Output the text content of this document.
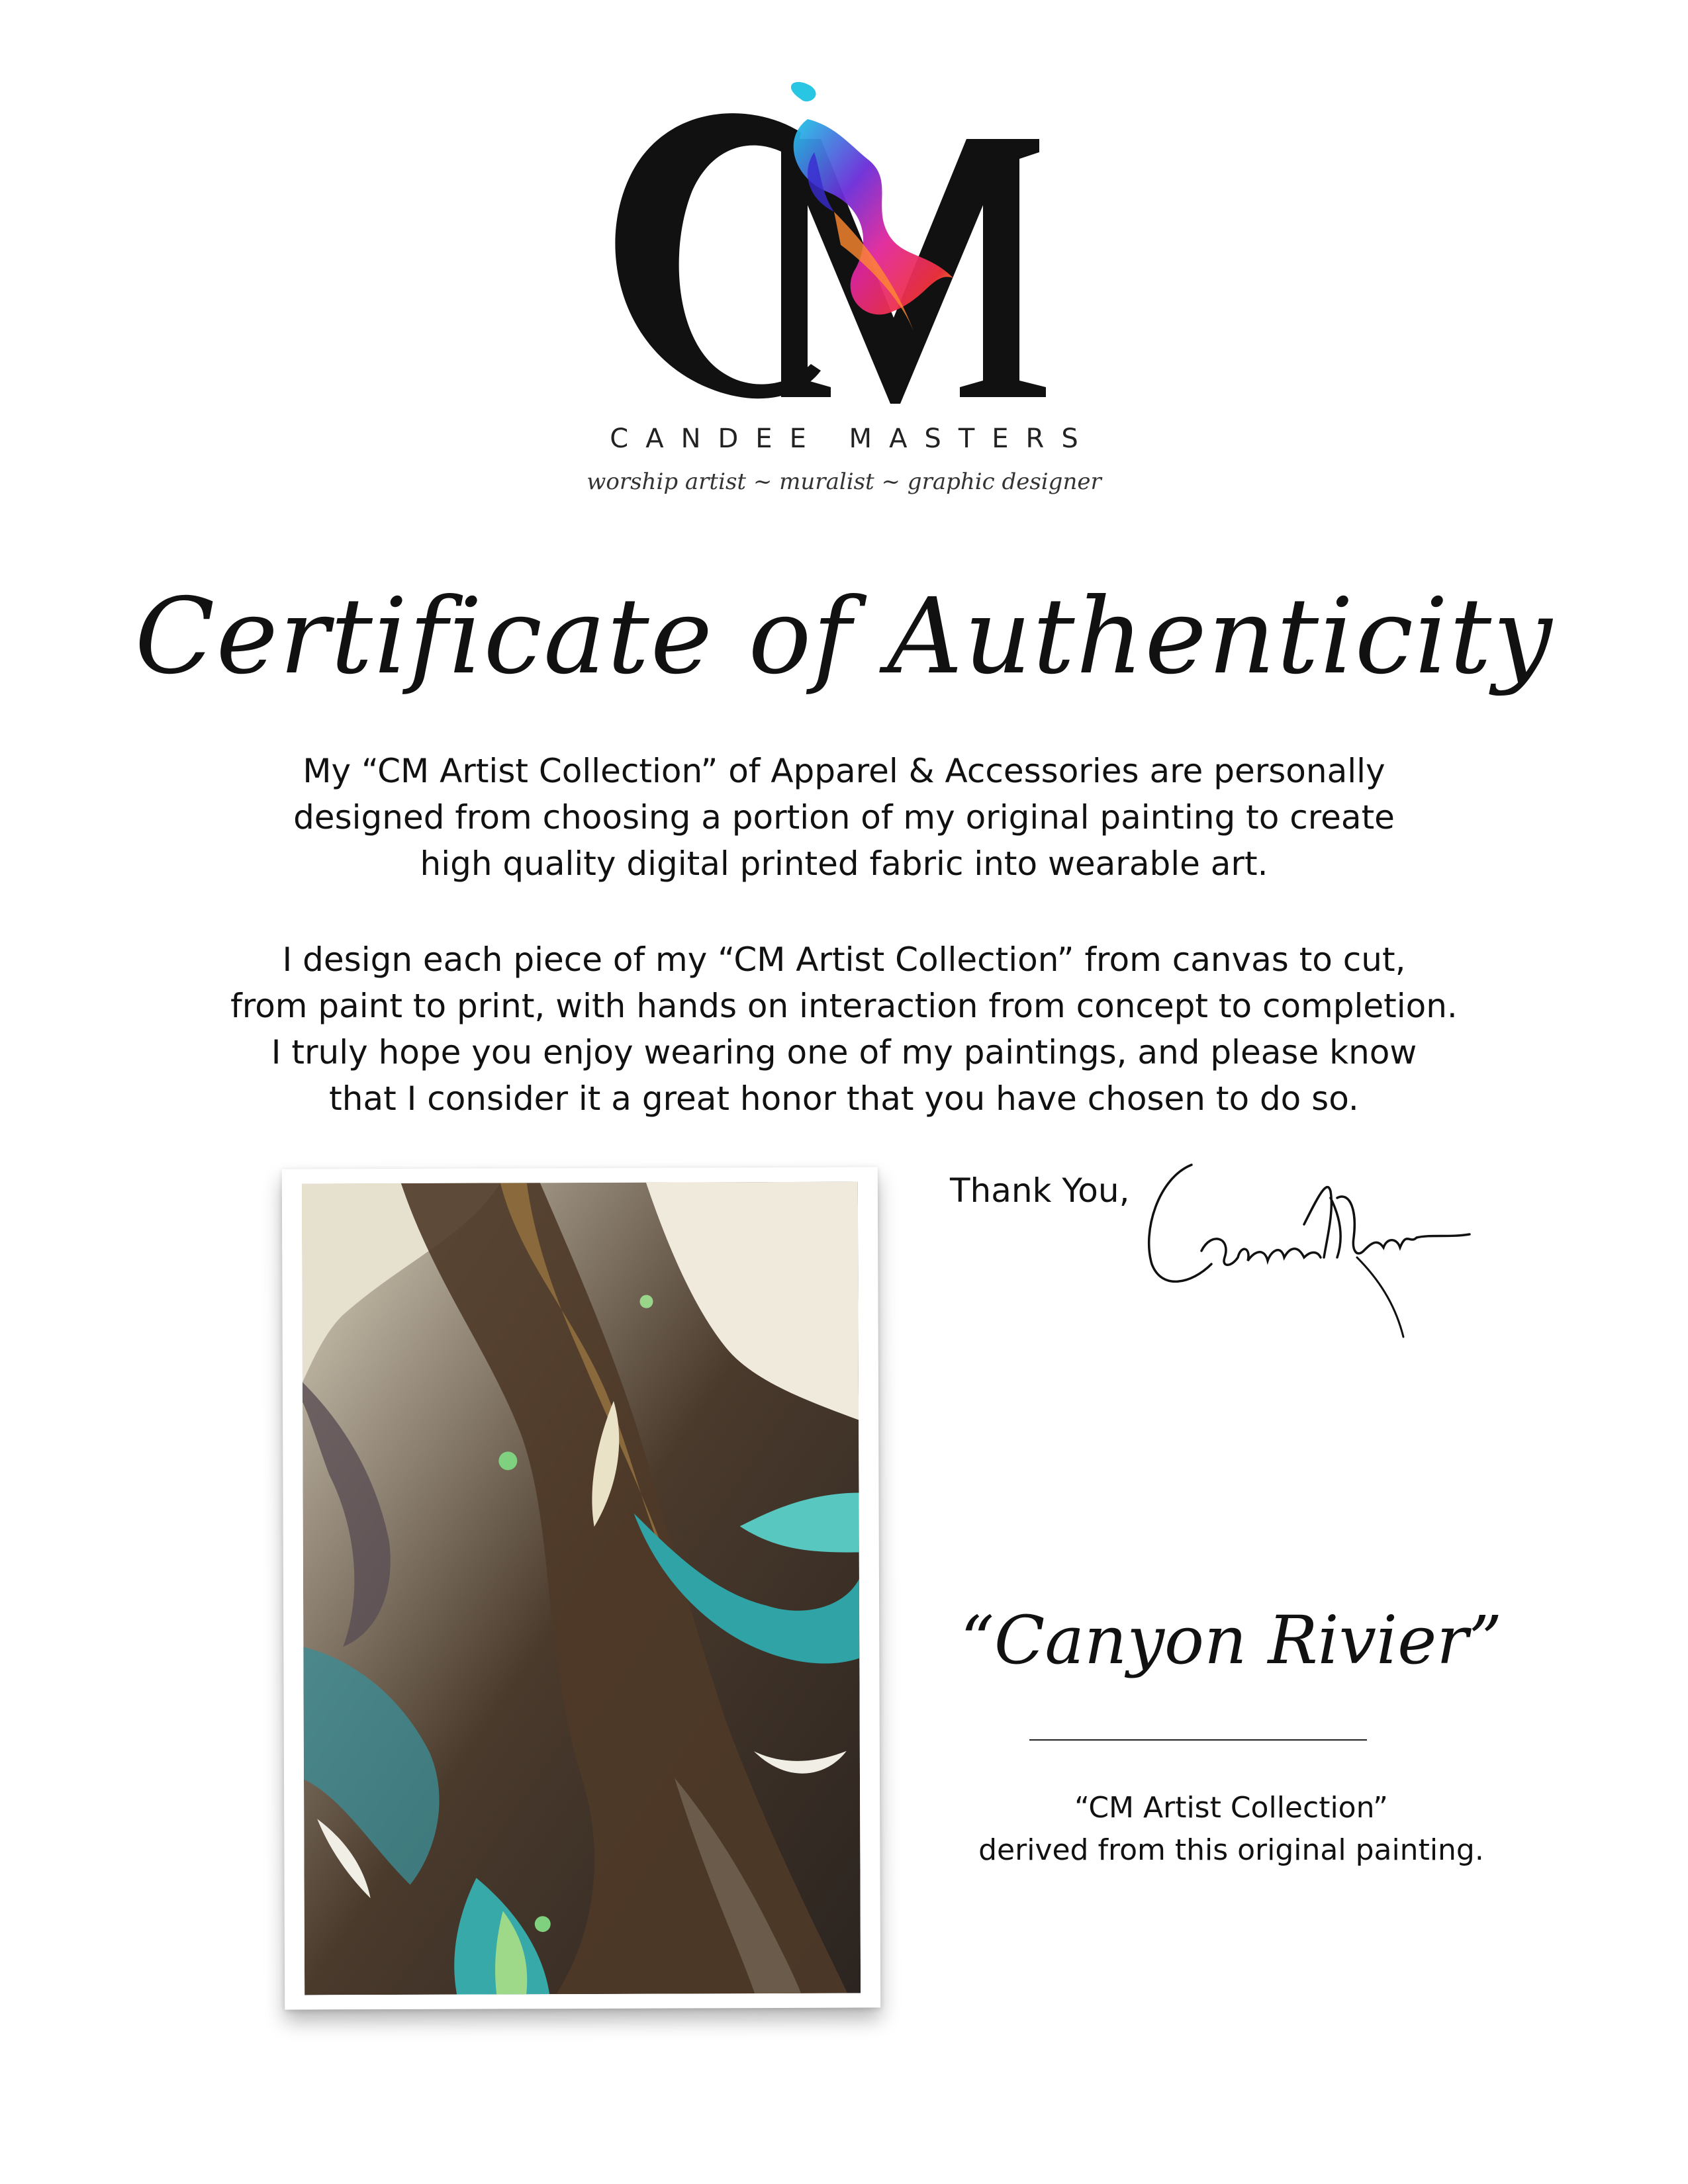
CANDEE MASTERS
worship artist ~ muralist ~ graphic designer
Certificate of Authenticity
My “CM Artist Collection” of Apparel & Accessories are personally
designed from choosing a portion of my original painting to create
high quality digital printed fabric into wearable art.
I design each piece of my “CM Artist Collection” from canvas to cut,
from paint to print, with hands on interaction from concept to completion.
I truly hope you enjoy wearing one of my paintings, and please know
that I consider it a great honor that you have chosen to do so.
Thank You,
“Canyon Rivier”
“CM Artist Collection”
derived from this original painting.
